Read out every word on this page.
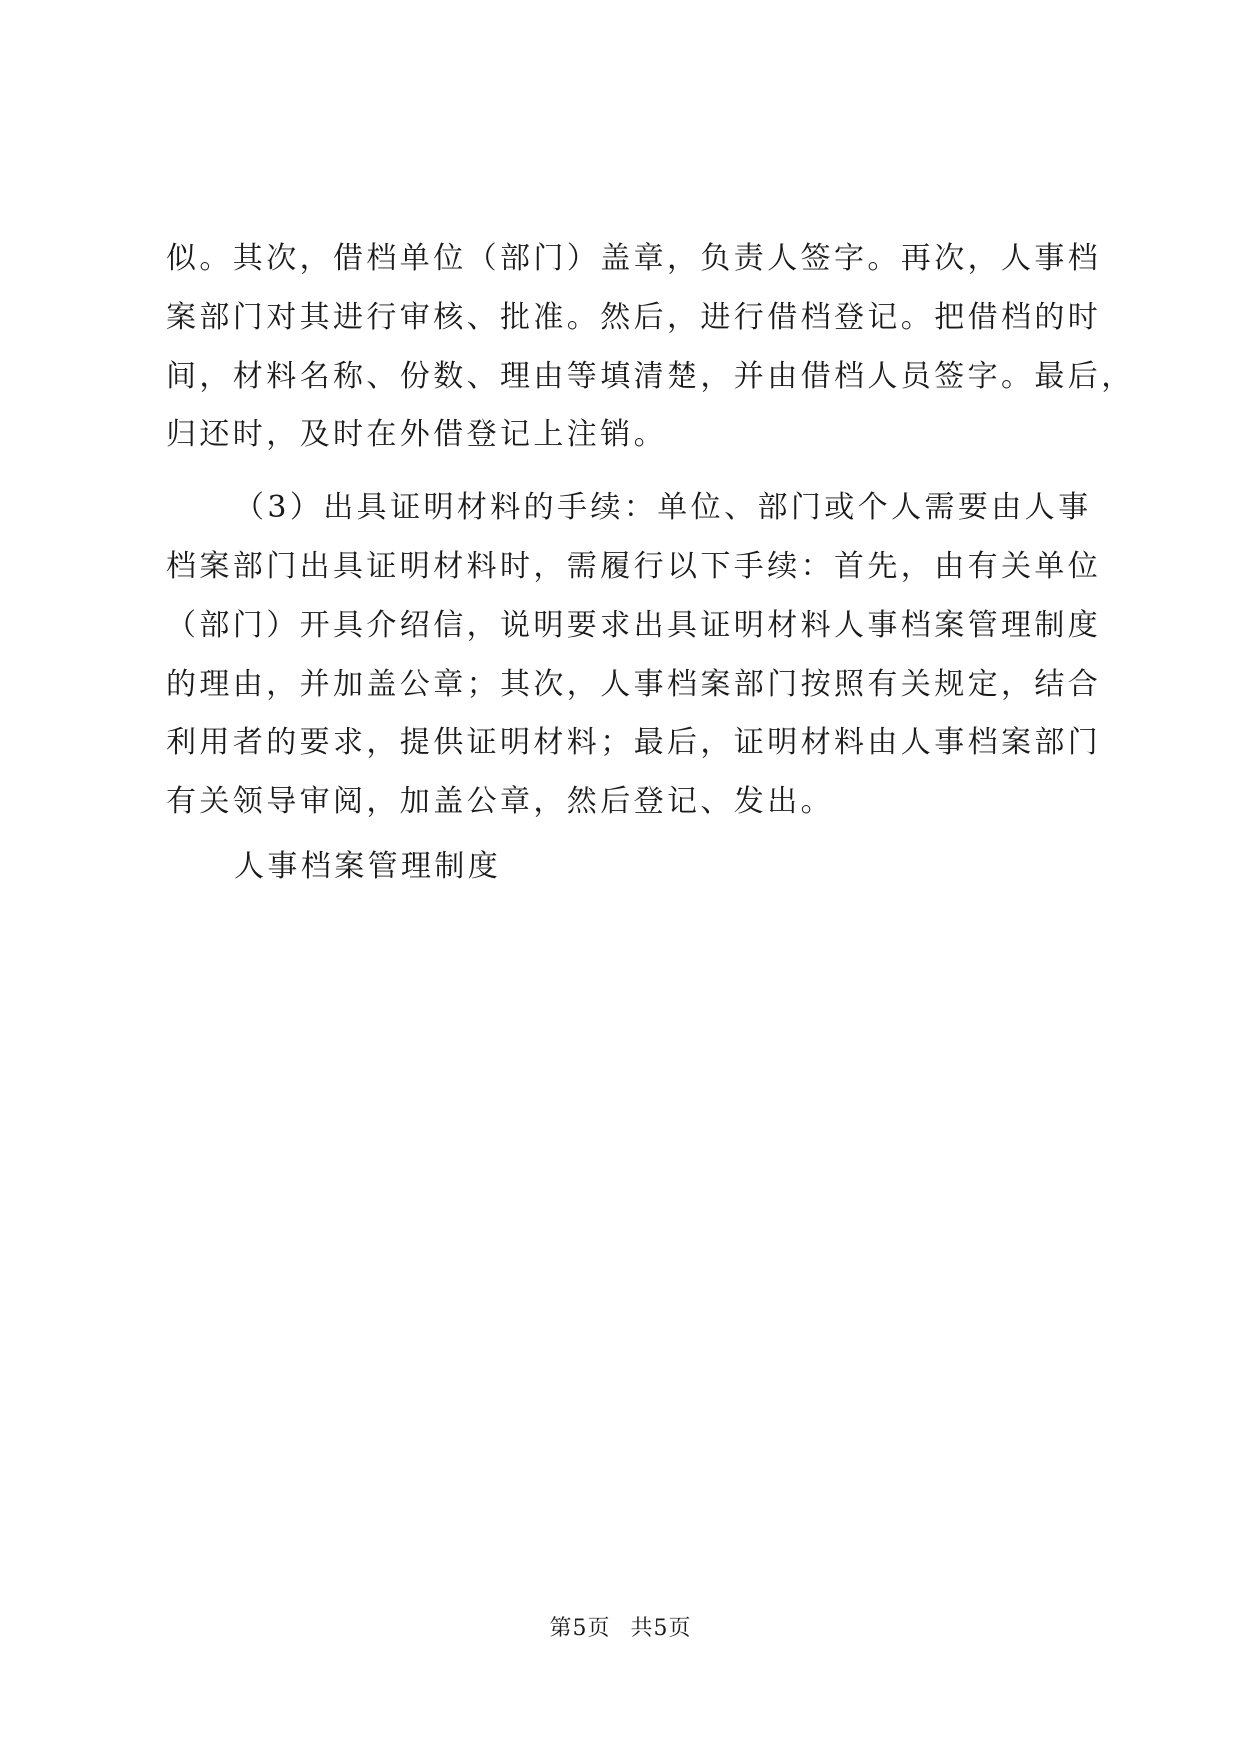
似。其次，借档单位（部门）盖章，负责人签字。再次，人事档
案部门对其进行审核、批准。然后，进行借档登记。把借档的时
间，材料名称、份数、理由等填清楚，并由借档人员签字。最后，
归还时，及时在外借登记上注销。
（3）出具证明材料的手续：单位、部门或个人需要由人事
档案部门出具证明材料时，需履行以下手续：首先，由有关单位
（部门）开具介绍信，说明要求出具证明材料人事档案管理制度
的理由，并加盖公章；其次，人事档案部门按照有关规定，结合
利用者的要求，提供证明材料；最后，证明材料由人事档案部门
有关领导审阅，加盖公章，然后登记、发出。
人事档案管理制度
第5页 共5页
